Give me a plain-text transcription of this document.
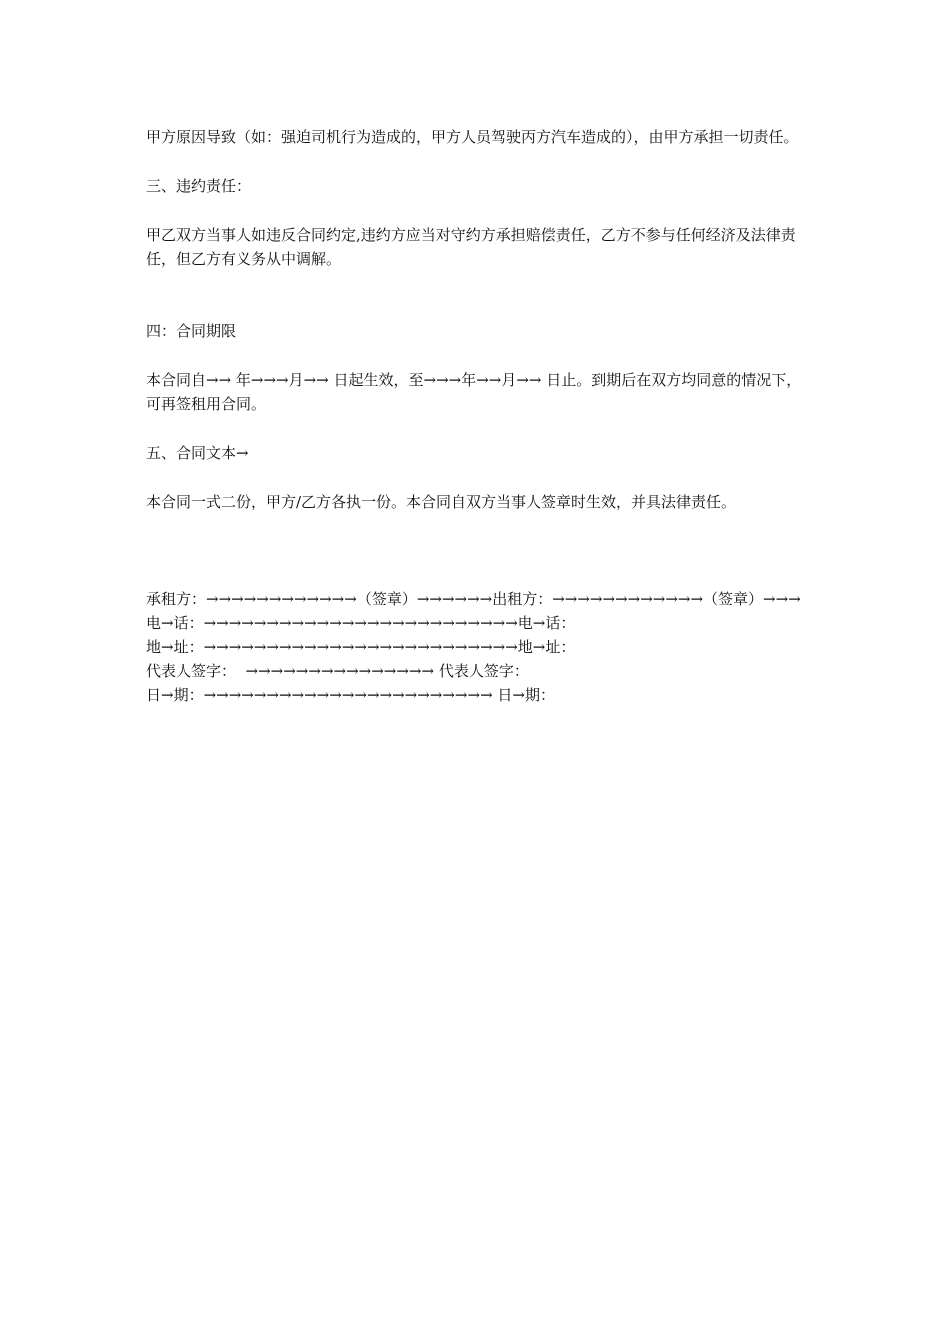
甲方原因导致（如：强迫司机行为造成的，甲方人员驾驶丙方汽车造成的），由甲方承担一切责任。

三、违约责任：

甲乙双方当事人如违反合同约定,违约方应当对守约方承担赔偿责任，乙方不参与任何经济及法律责任，但乙方有义务从中调解。

四：合同期限

本合同自→→ 年→→→月→→ 日起生效，至→→→年→→月→→ 日止。到期后在双方均同意的情况下，可再签租用合同。

五、合同文本→

本合同一式二份，甲方/乙方各执一份。本合同自双方当事人签章时生效，并具法律责任。

承租方：→→→→→→→→→→→→（签章）→→→→→→出租方：→→→→→→→→→→→→（签章）→→→

电→话：→→→→→→→→→→→→→→→→→→→→→→→→→电→话：

地→址：→→→→→→→→→→→→→→→→→→→→→→→→→地→址：

代表人签字：  →→→→→→→→→→→→→→→ 代表人签字：

日→期：→→→→→→→→→→→→→→→→→→→→→→→ 日→期：
